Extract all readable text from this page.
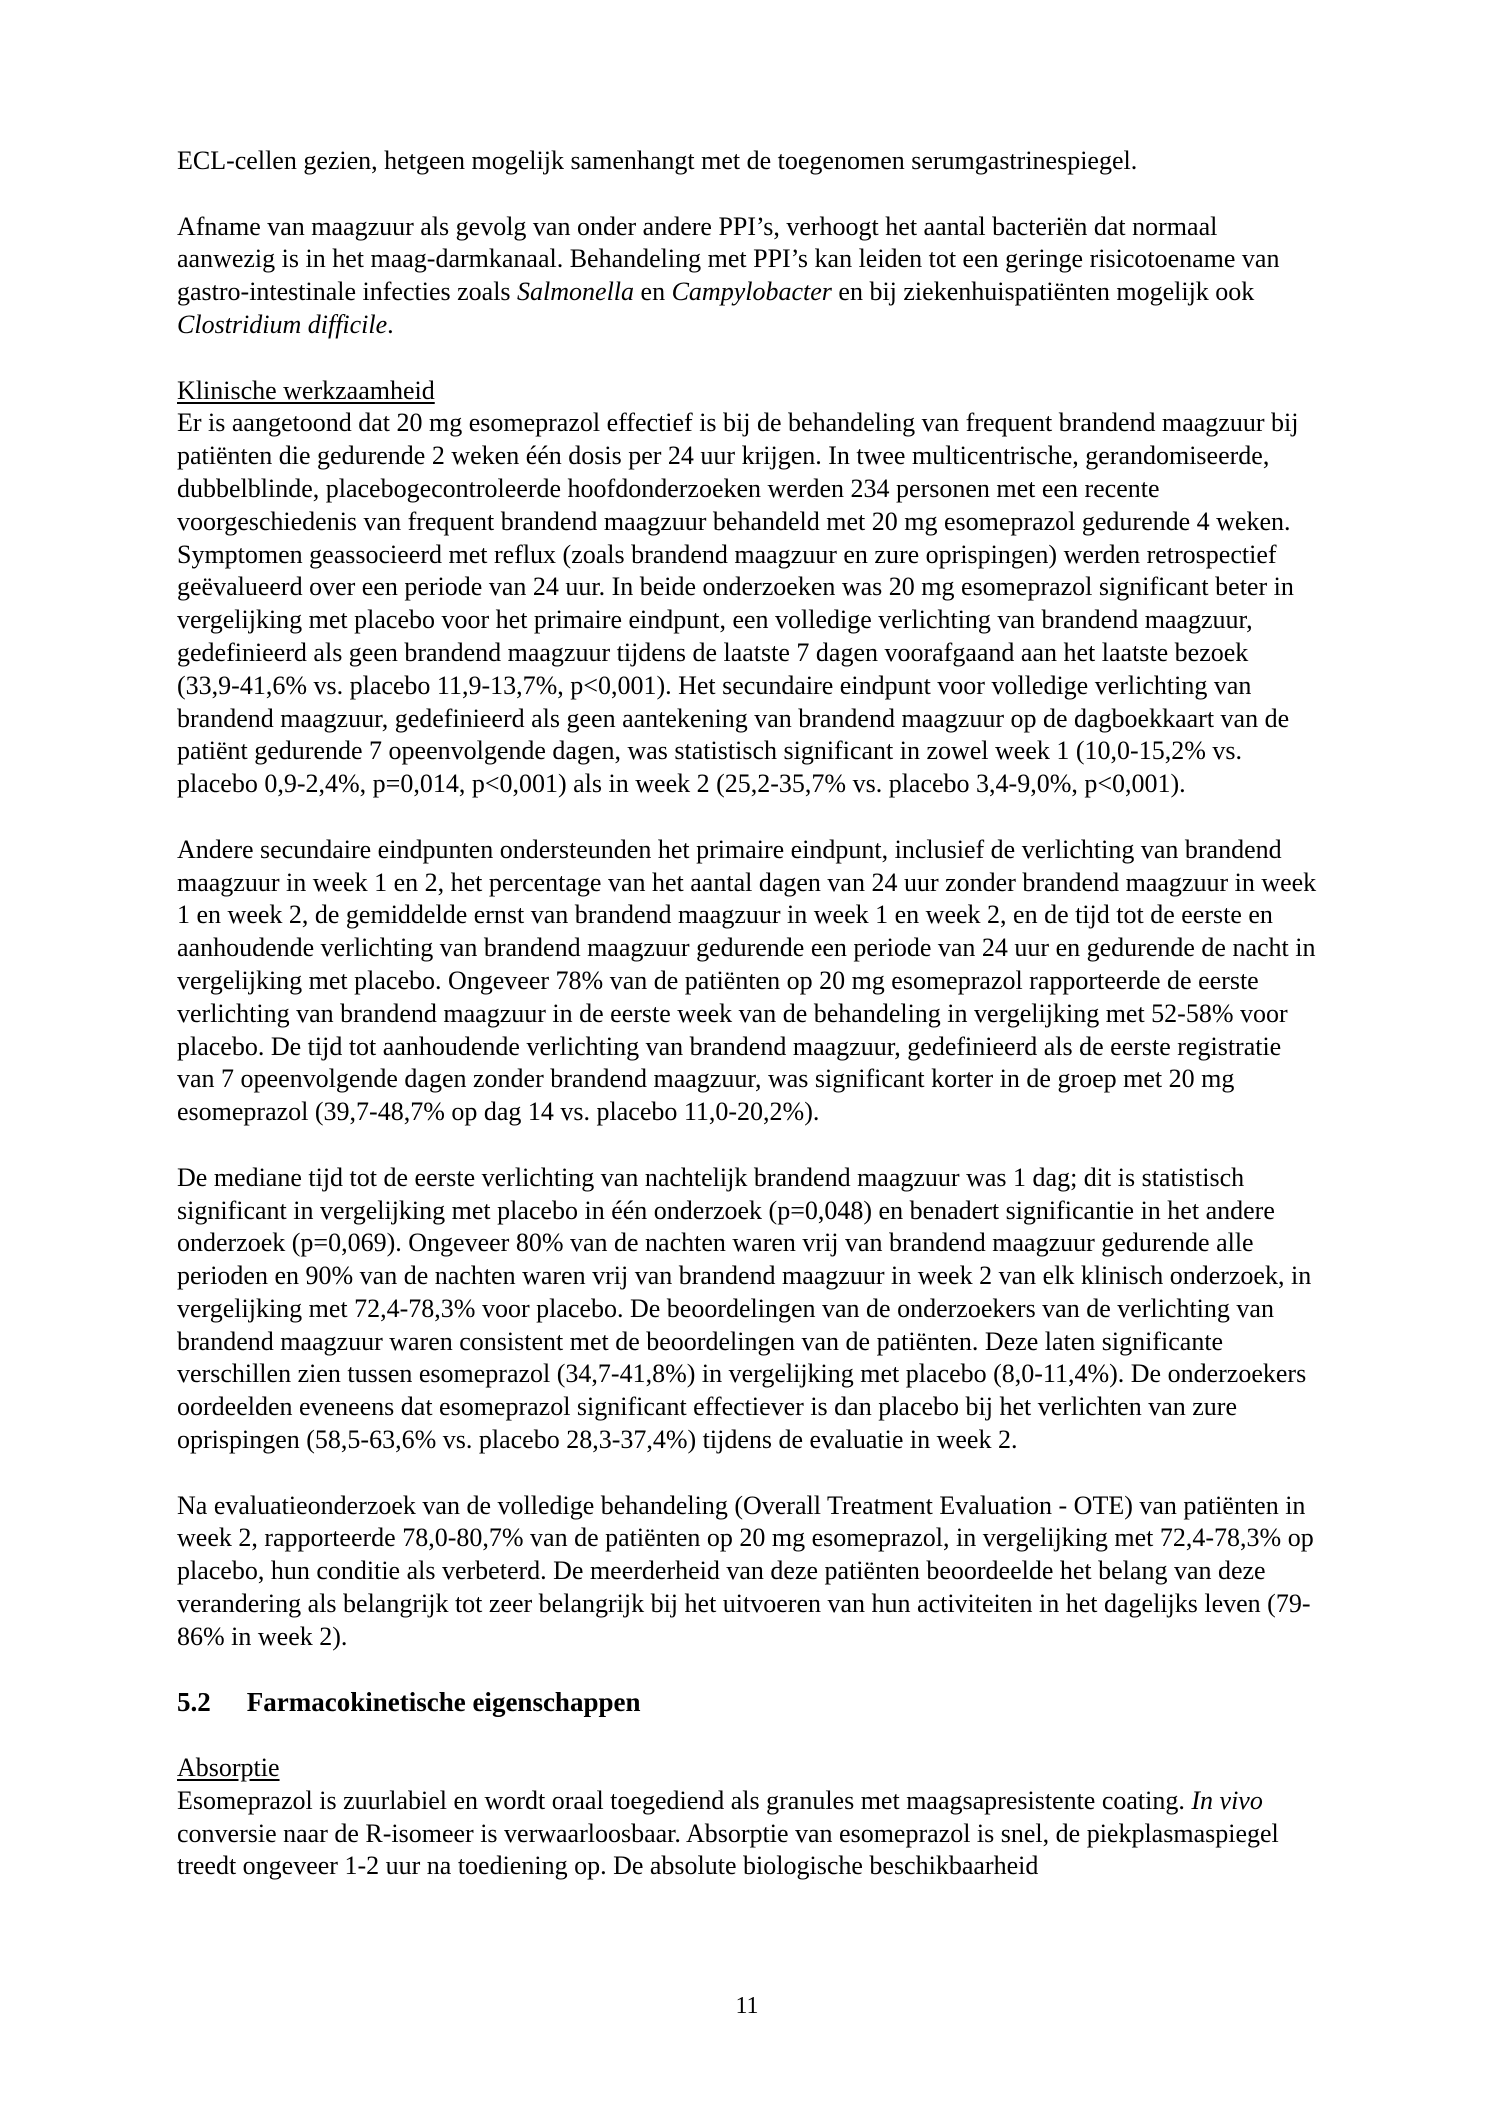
ECL-cellen gezien, hetgeen mogelijk samenhangt met de toegenomen serumgastrinespiegel.

Afname van maagzuur als gevolg van onder andere PPI’s, verhoogt het aantal bacteriën dat normaal aanwezig is in het maag-darmkanaal. Behandeling met PPI’s kan leiden tot een geringe risicotoename van gastro-intestinale infecties zoals Salmonella en Campylobacter en bij ziekenhuispatiënten mogelijk ook Clostridium difficile.

Klinische werkzaamheid

Er is aangetoond dat 20 mg esomeprazol effectief is bij de behandeling van frequent brandend maagzuur bij patiënten die gedurende 2 weken één dosis per 24 uur krijgen. In twee multicentrische, gerandomiseerde, dubbelblinde, placebogecontroleerde hoofdonderzoeken werden 234 personen met een recente voorgeschiedenis van frequent brandend maagzuur behandeld met 20 mg esomeprazol gedurende 4 weken. Symptomen geassocieerd met reflux (zoals brandend maagzuur en zure oprispingen) werden retrospectief geëvalueerd over een periode van 24 uur. In beide onderzoeken was 20 mg esomeprazol significant beter in vergelijking met placebo voor het primaire eindpunt, een volledige verlichting van brandend maagzuur, gedefinieerd als geen brandend maagzuur tijdens de laatste 7 dagen voorafgaand aan het laatste bezoek (33,9-41,6% vs. placebo 11,9-13,7%, p<0,001). Het secundaire eindpunt voor volledige verlichting van brandend maagzuur, gedefinieerd als geen aantekening van brandend maagzuur op de dagboekkaart van de patiënt gedurende 7 opeenvolgende dagen, was statistisch significant in zowel week 1 (10,0-15,2% vs. placebo 0,9-2,4%, p=0,014, p<0,001) als in week 2 (25,2-35,7% vs. placebo 3,4-9,0%, p<0,001).

Andere secundaire eindpunten ondersteunden het primaire eindpunt, inclusief de verlichting van brandend maagzuur in week 1 en 2, het percentage van het aantal dagen van 24 uur zonder brandend maagzuur in week 1 en week 2, de gemiddelde ernst van brandend maagzuur in week 1 en week 2, en de tijd tot de eerste en aanhoudende verlichting van brandend maagzuur gedurende een periode van 24 uur en gedurende de nacht in vergelijking met placebo. Ongeveer 78% van de patiënten op 20 mg esomeprazol rapporteerde de eerste verlichting van brandend maagzuur in de eerste week van de behandeling in vergelijking met 52-58% voor placebo. De tijd tot aanhoudende verlichting van brandend maagzuur, gedefinieerd als de eerste registratie van 7 opeenvolgende dagen zonder brandend maagzuur, was significant korter in de groep met 20 mg esomeprazol (39,7-48,7% op dag 14 vs. placebo 11,0-20,2%).

De mediane tijd tot de eerste verlichting van nachtelijk brandend maagzuur was 1 dag; dit is statistisch significant in vergelijking met placebo in één onderzoek (p=0,048) en benadert significantie in het andere onderzoek (p=0,069). Ongeveer 80% van de nachten waren vrij van brandend maagzuur gedurende alle perioden en 90% van de nachten waren vrij van brandend maagzuur in week 2 van elk klinisch onderzoek, in vergelijking met 72,4-78,3% voor placebo. De beoordelingen van de onderzoekers van de verlichting van brandend maagzuur waren consistent met de beoordelingen van de patiënten. Deze laten significante verschillen zien tussen esomeprazol (34,7-41,8%) in vergelijking met placebo (8,0-11,4%). De onderzoekers oordeelden eveneens dat esomeprazol significant effectiever is dan placebo bij het verlichten van zure oprispingen (58,5-63,6% vs. placebo 28,3-37,4%) tijdens de evaluatie in week 2.

Na evaluatieonderzoek van de volledige behandeling (Overall Treatment Evaluation - OTE) van patiënten in week 2, rapporteerde 78,0-80,7% van de patiënten op 20 mg esomeprazol, in vergelijking met 72,4-78,3% op placebo, hun conditie als verbeterd. De meerderheid van deze patiënten beoordeelde het belang van deze verandering als belangrijk tot zeer belangrijk bij het uitvoeren van hun activiteiten in het dagelijks leven (79-86% in week 2).

5.2 Farmacokinetische eigenschappen

Absorptie

Esomeprazol is zuurlabiel en wordt oraal toegediend als granules met maagsapresistente coating. In vivo conversie naar de R-isomeer is verwaarloosbaar. Absorptie van esomeprazol is snel, de piekplasmaspiegel treedt ongeveer 1-2 uur na toediening op. De absolute biologische beschikbaarheid

11
